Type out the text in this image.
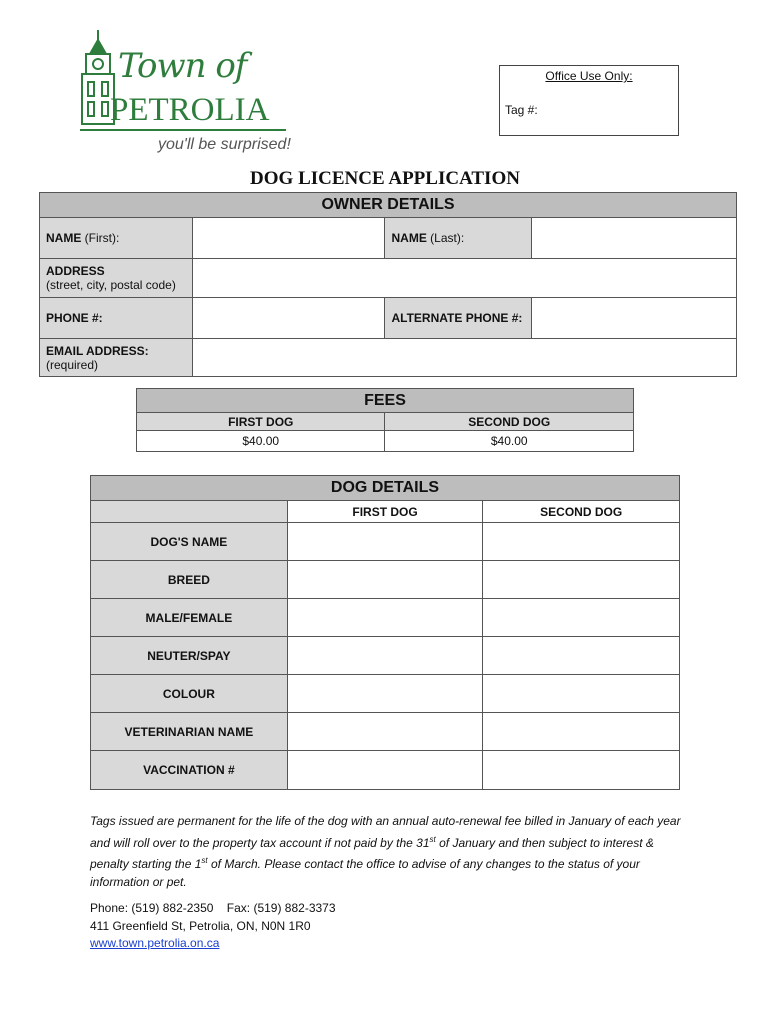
Town of
PETROLIA
you'll be surprised!
Office Use Only:
Tag #:
DOG LICENCE APPLICATION
OWNER DETAILS			
NAME (First):		NAME (Last):	

ADDRESS
(street, city, postal code)			

PHONE #:		ALTERNATE PHONE #:	

EMAIL ADDRESS:
(required)			

FEES	
FIRST DOG	SECOND DOG
$40.00	$40.00
DOG DETAILS		
	FIRST DOG	SECOND DOG
DOG'S NAME		
BREED		
MALE/FEMALE		
NEUTER/SPAY		
COLOUR		
VETERINARIAN NAME		
VACCINATION #		
Tags issued are permanent for the life of the dog with an annual auto-renewal fee billed in January of each year and will roll over to the property tax account if not paid by the 31st of January and then subject to interest & penalty starting the 1st of March. Please contact the office to advise of any changes to the status of your information or pet.
Phone: (519) 882-2350 Fax: (519) 882-3373
411 Greenfield St, Petrolia, ON, N0N 1R0
www.town.petrolia.on.ca
